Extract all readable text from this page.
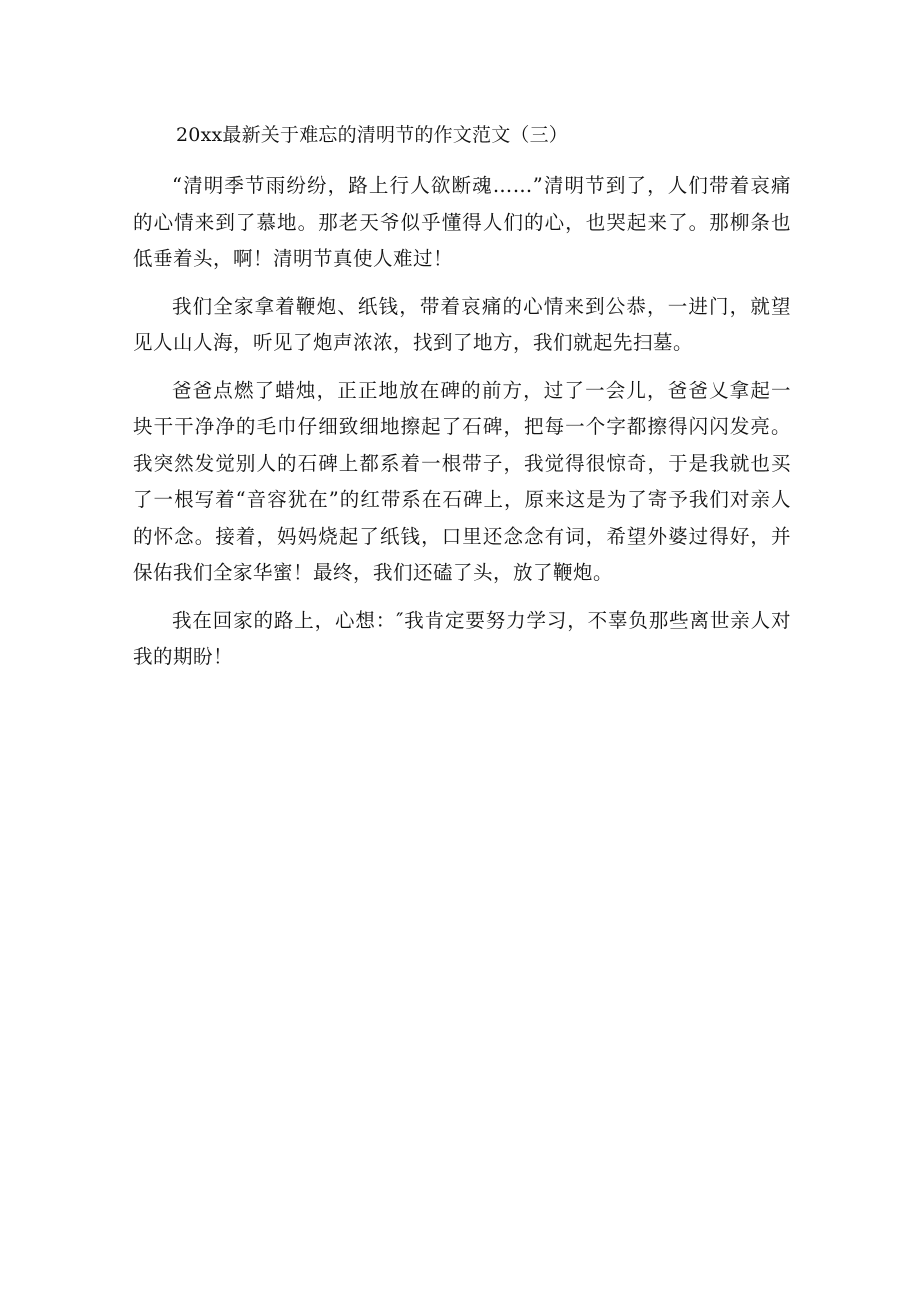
20xx最新关于难忘的清明节的作文范文（三）

“清明季节雨纷纷，路上行人欲断魂……”清明节到了，人们带着哀痛的心情来到了慕地。那老天爷似乎懂得人们的心，也哭起来了。那柳条也低垂着头，啊！清明节真使人难过！

我们全家拿着鞭炮、纸钱，带着哀痛的心情来到公恭，一进门，就望见人山人海，听见了炮声浓浓，找到了地方，我们就起先扫墓。

爸爸点燃了蜡烛，正正地放在碑的前方，过了一会儿，爸爸乂拿起一块干干净净的毛巾仔细致细地擦起了石碑，把每一个字都擦得闪闪发亮。我突然发觉别人的石碑上都系着一根带子，我觉得很惊奇，于是我就也买了一根写着“音容犹在”的红带系在石碑上，原来这是为了寄予我们对亲人的怀念。接着，妈妈烧起了纸钱，口里还念念有词，希望外婆过得好，并保佑我们全家华蜜！最终，我们还磕了头，放了鞭炮。

我在回家的路上，心想：″我肯定要努力学习，不辜负那些离世亲人对我的期盼！
